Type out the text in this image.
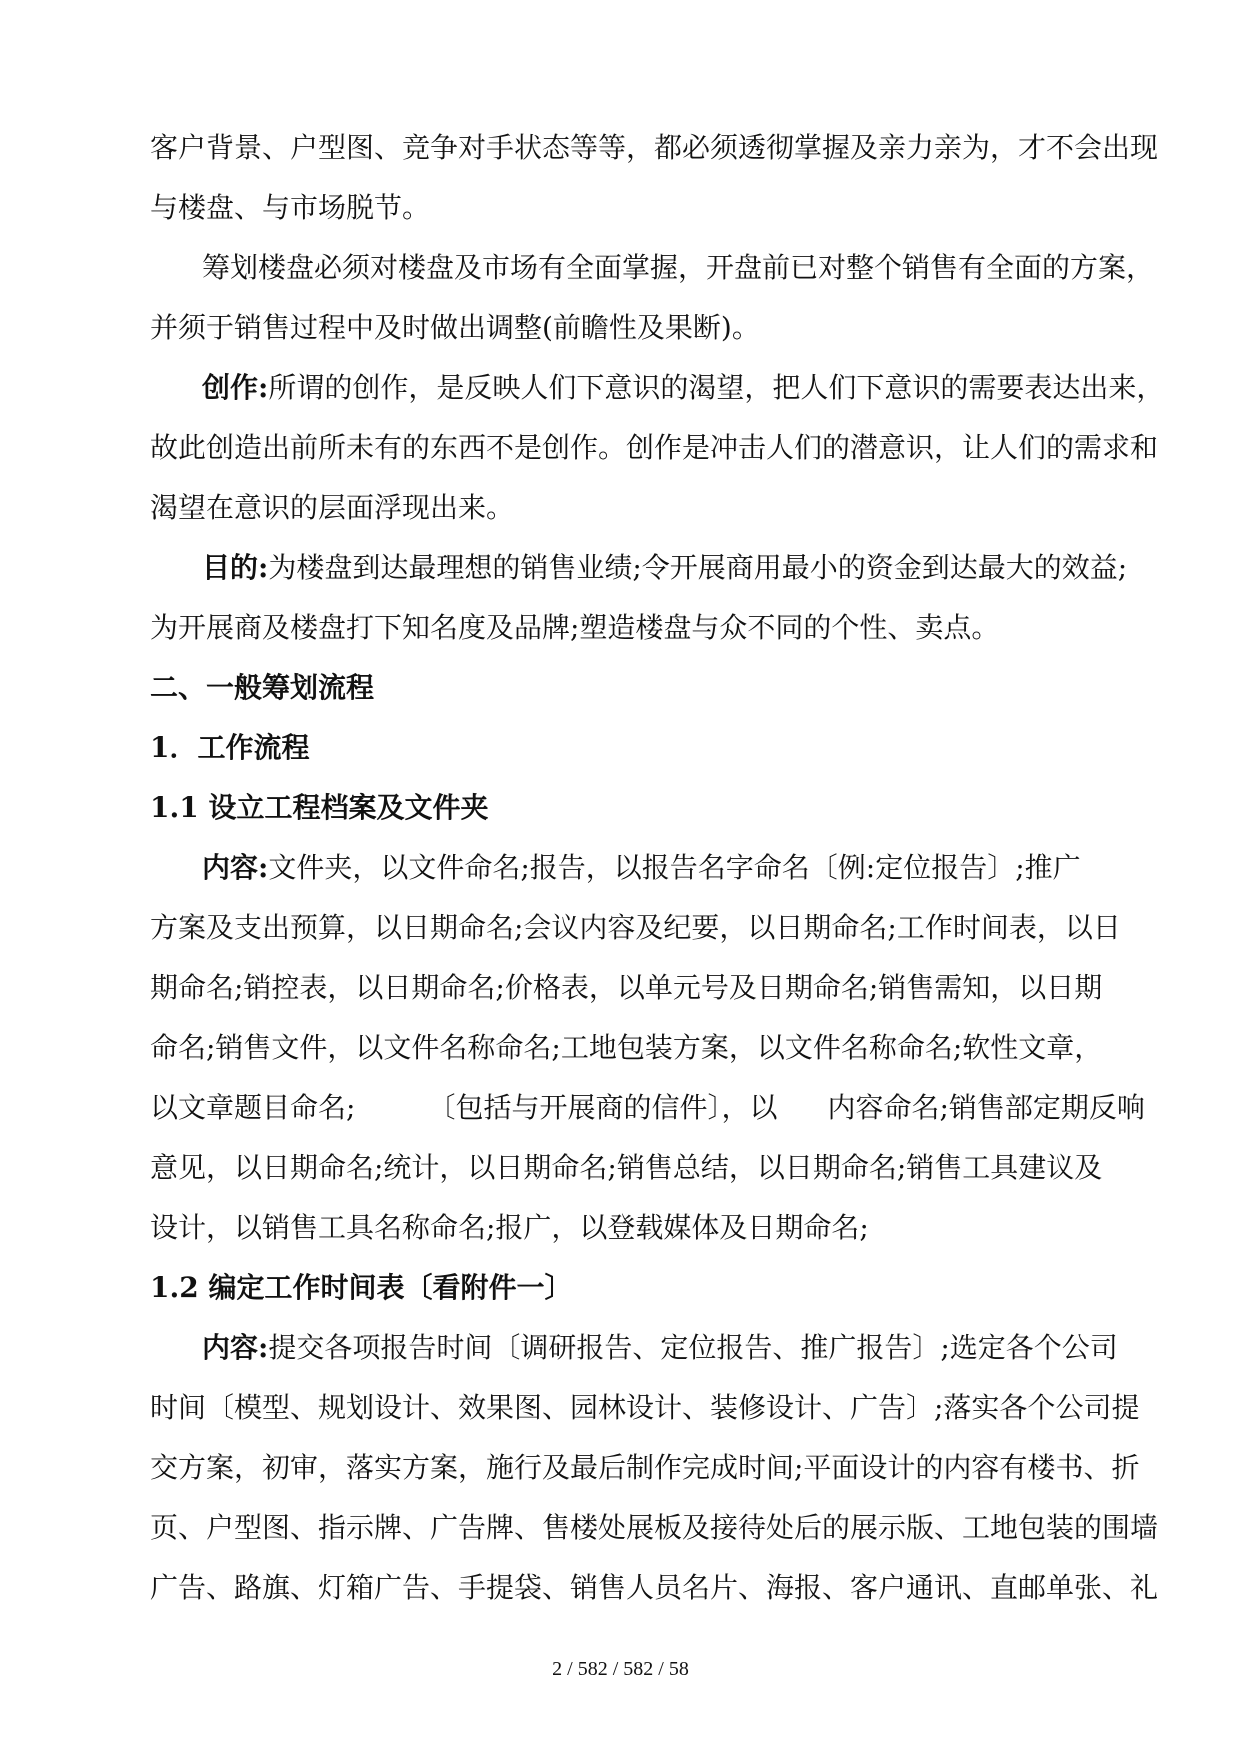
客户背景、户型图、竞争对手状态等等，都必须透彻掌握及亲力亲为，才不会出现
与楼盘、与市场脱节。
筹划楼盘必须对楼盘及市场有全面掌握，开盘前已对整个销售有全面的方案，
并须于销售过程中及时做出调整(前瞻性及果断)。
创作:所谓的创作，是反映人们下意识的渴望，把人们下意识的需要表达出来，
故此创造出前所未有的东西不是创作。创作是冲击人们的潜意识，让人们的需求和
渴望在意识的层面浮现出来。
目的:为楼盘到达最理想的销售业绩;令开展商用最小的资金到达最大的效益;
为开展商及楼盘打下知名度及品牌;塑造楼盘与众不同的个性、卖点。
二、一般筹划流程
1．工作流程
1.1 设立工程档案及文件夹
内容:文件夹，以文件命名;报告，以报告名字命名〔例:定位报告〕;推广
方案及支出预算，以日期命名;会议内容及纪要，以日期命名;工作时间表，以日
期命名;销控表，以日期命名;价格表，以单元号及日期命名;销售需知，以日期
命名;销售文件，以文件名称命名;工地包装方案，以文件名称命名;软性文章，
以文章题目命名;	〔包括与开展商的信件〕，以 内容命名;销售部定期反响
意见，以日期命名;统计，以日期命名;销售总结，以日期命名;销售工具建议及
设计，以销售工具名称命名;报广，以登载媒体及日期命名;
1.2 编定工作时间表〔看附件一〕
内容:提交各项报告时间〔调研报告、定位报告、推广报告〕;选定各个公司
时间〔模型、规划设计、效果图、园林设计、装修设计、广告〕;落实各个公司提
交方案，初审，落实方案，施行及最后制作完成时间;平面设计的内容有楼书、折
页、户型图、指示牌、广告牌、售楼处展板及接待处后的展示版、工地包装的围墙
广告、路旗、灯箱广告、手提袋、销售人员名片、海报、客户通讯、直邮单张、礼
2 / 582 / 582 / 58
